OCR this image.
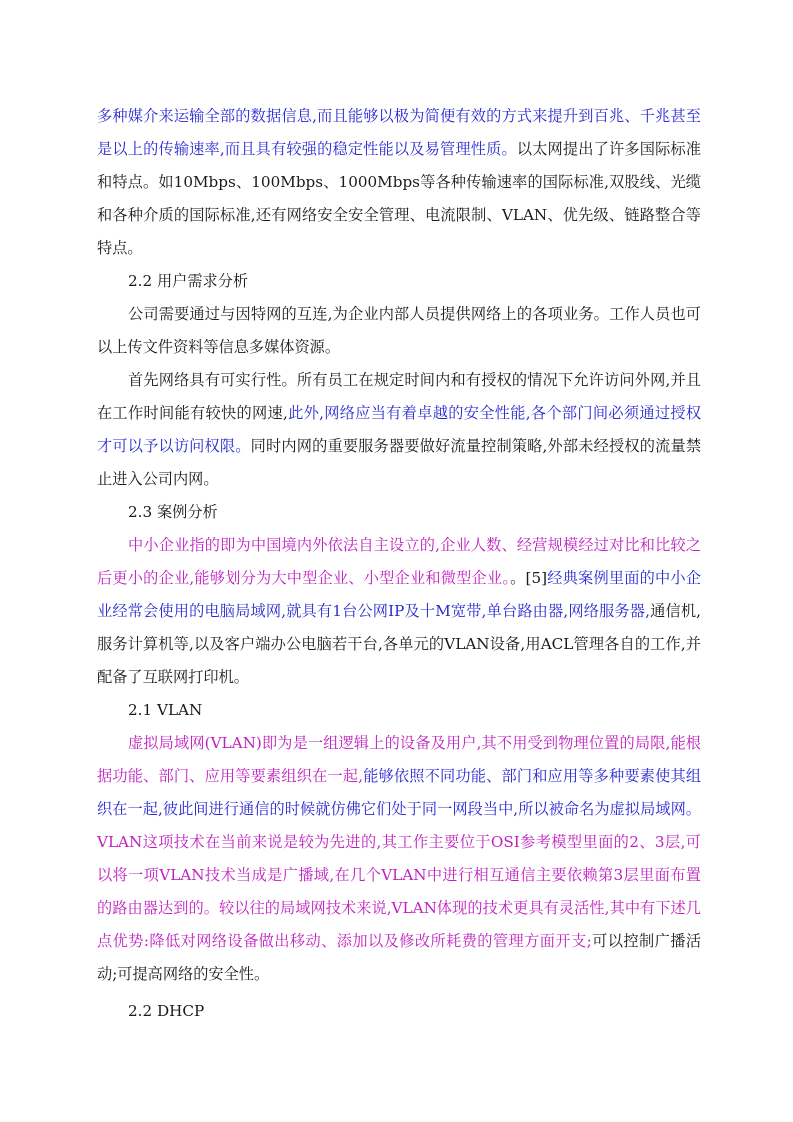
多种媒介来运输全部的数据信息,而且能够以极为简便有效的方式来提升到百兆、千兆甚至是以上的传输速率,而且具有较强的稳定性能以及易管理性质。以太网提出了许多国际标准和特点。如10Mbps、100Mbps、1000Mbps等各种传输速率的国际标准,双股线、光缆和各种介质的国际标准,还有网络安全安全管理、电流限制、VLAN、优先级、链路整合等特点。

2.2 用户需求分析

公司需要通过与因特网的互连,为企业内部人员提供网络上的各项业务。工作人员也可以上传文件资料等信息多媒体资源。

首先网络具有可实行性。所有员工在规定时间内和有授权的情况下允许访问外网,并且在工作时间能有较快的网速,此外,网络应当有着卓越的安全性能,各个部门间必须通过授权才可以予以访问权限。同时内网的重要服务器要做好流量控制策略,外部未经授权的流量禁止进入公司内网。

2.3 案例分析

中小企业指的即为中国境内外依法自主设立的,企业人数、经营规模经过对比和比较之后更小的企业,能够划分为大中型企业、小型企业和微型企业。。[5]经典案例里面的中小企业经常会使用的电脑局域网,就具有1台公网IP及十M宽带,单台路由器,网络服务器,通信机,服务计算机等,以及客户端办公电脑若干台,各单元的VLAN设备,用ACL管理各自的工作,并配备了互联网打印机。

2.1 VLAN

虚拟局域网(VLAN)即为是一组逻辑上的设备及用户,其不用受到物理位置的局限,能根据功能、部门、应用等要素组织在一起,能够依照不同功能、部门和应用等多种要素使其组织在一起,彼此间进行通信的时候就仿佛它们处于同一网段当中,所以被命名为虚拟局域网。VLAN这项技术在当前来说是较为先进的,其工作主要位于OSI参考模型里面的2、3层,可以将一项VLAN技术当成是广播域,在几个VLAN中进行相互通信主要依赖第3层里面布置的路由器达到的。较以往的局域网技术来说,VLAN体现的技术更具有灵活性,其中有下述几点优势:降低对网络设备做出移动、添加以及修改所耗费的管理方面开支;可以控制广播活动;可提高网络的安全性。

2.2 DHCP
